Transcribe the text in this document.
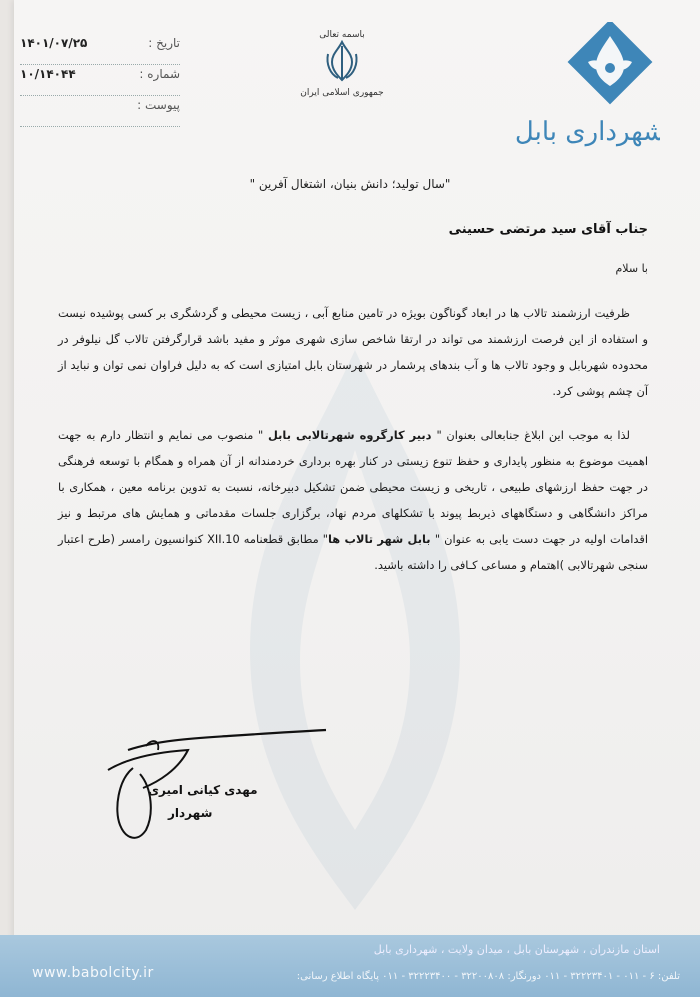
شهرداری بابل
باسمه تعالی
جمهوری اسلامی ایران
تاریخ :
۱۴۰۱/۰۷/۲۵
شماره :
۱۰/۱۴۰۴۴
پیوست :
"سال تولید؛ دانش بنیان، اشتغال آفرین "
جناب آقای سید مرتضی حسینی
با سلام

ظرفیت ارزشمند تالاب ها در ابعاد گوناگون بویژه در تامین منابع آبی ، زیست محیطی و گردشگری بر کسی پوشیده نیست و استفاده از این فرصت ارزشمند می تواند در ارتقا شاخص سازی شهری موثر و مفید باشد قرارگرفتن تالاب گل نیلوفر در محدوده شهربابل و وجود تالاب ها و آب بندهای پرشمار در شهرستان بابل امتیازی است که به دلیل فراوان نمی توان و نباید از آن چشم پوشی کرد.

لذا به موجب این ابلاغ جنابعالی بعنوان " دبیر کارگروه شهرتالابی بابل " منصوب می نمایم و انتظار دارم به جهت اهمیت موضوع به منظور پایداری و حفظ تنوع زیستی در کنار بهره برداری خردمندانه از آن همراه و همگام با توسعه فرهنگی در جهت حفظ ارزشهای طبیعی ، تاریخی و زیست محیطی ضمن تشکیل دبیرخانه، نسبت به تدوین برنامه معین ، همکاری با مراکز دانشگاهی و دستگاههای ذیربط پیوند با تشکلهای مردم نهاد، برگزاری جلسات مقدماتی و همایش های مرتبط و نیز اقدامات اولیه در جهت دست یابی به عنوان " بابل شهر تالاب ها" مطابق قطعنامه XII.10 کنوانسیون رامسر (طرح اعتبار سنجی شهرتالابی )اهتمام و مساعی کـافی را داشته باشید.

مهدی کیانی امیری
شهردار
استان مازندران ، شهرستان بابل ، میدان ولایت ، شهرداری بابل
تلفن: ۶ - ۰۱۱ - ۳۲۲۲۳۴۰۱ - ۰۱۱ دورنگار: ۳۲۲۰۰۸۰۸ - ۳۲۲۲۳۴۰۰ - ۰۱۱ پایگاه اطلاع رسانی:
www.babolcity.ir
